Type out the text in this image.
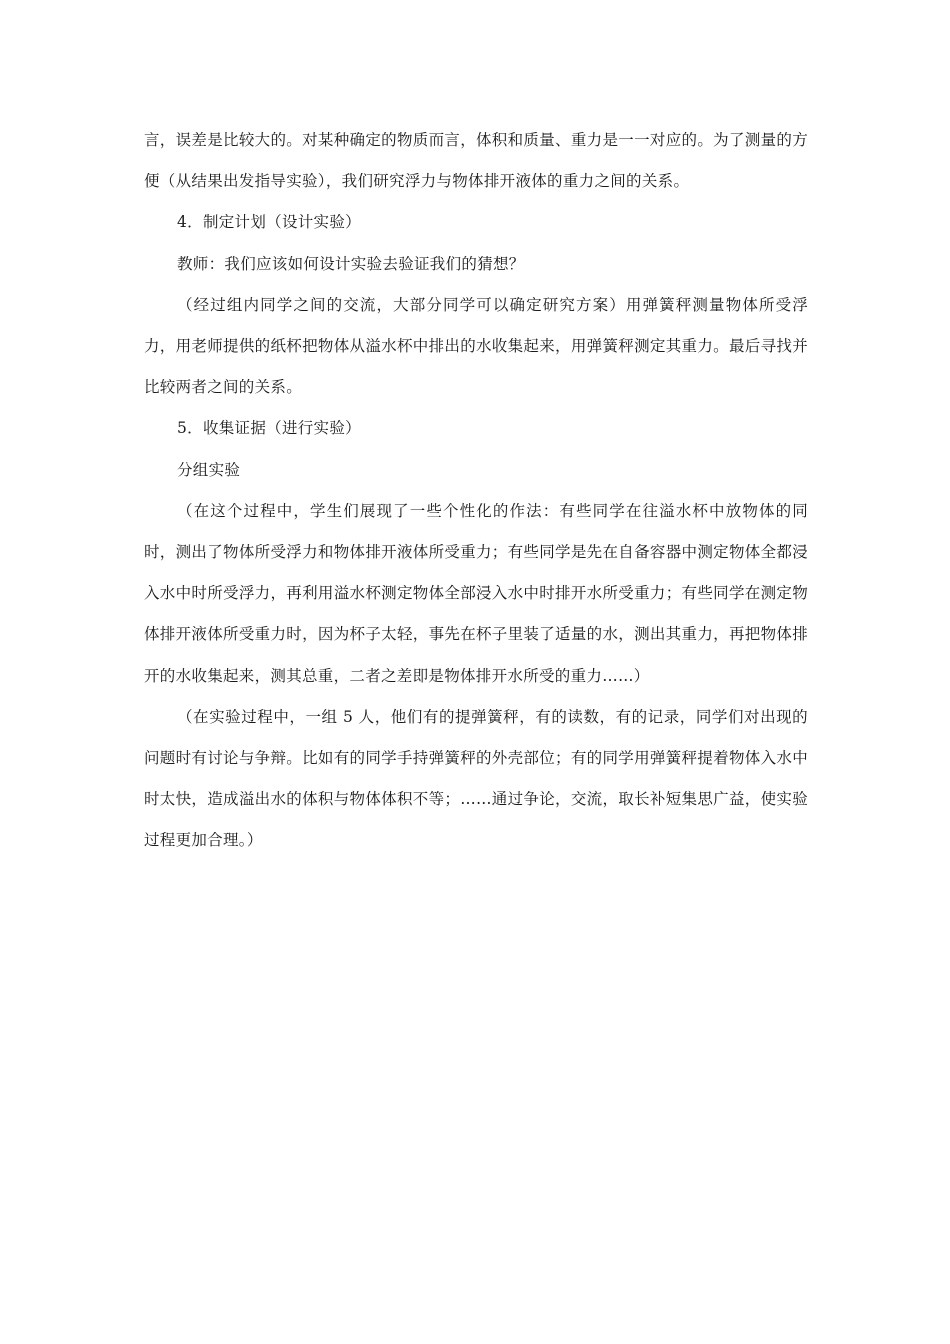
言，误差是比较大的。对某种确定的物质而言，体积和质量、重力是一一对应的。为了测量的方便（从结果出发指导实验），我们研究浮力与物体排开液体的重力之间的关系。

4．制定计划（设计实验）

教师：我们应该如何设计实验去验证我们的猜想？

（经过组内同学之间的交流，大部分同学可以确定研究方案）用弹簧秤测量物体所受浮力，用老师提供的纸杯把物体从溢水杯中排出的水收集起来，用弹簧秤测定其重力。最后寻找并比较两者之间的关系。

5．收集证据（进行实验）

分组实验

（在这个过程中，学生们展现了一些个性化的作法：有些同学在往溢水杯中放物体的同时，测出了物体所受浮力和物体排开液体所受重力；有些同学是先在自备容器中测定物体全都浸入水中时所受浮力，再利用溢水杯测定物体全部浸入水中时排开水所受重力；有些同学在测定物体排开液体所受重力时，因为杯子太轻，事先在杯子里装了适量的水，测出其重力，再把物体排开的水收集起来，测其总重，二者之差即是物体排开水所受的重力……）

（在实验过程中，一组 5 人，他们有的提弹簧秤，有的读数，有的记录，同学们对出现的问题时有讨论与争辩。比如有的同学手持弹簧秤的外壳部位；有的同学用弹簧秤提着物体入水中时太快，造成溢出水的体积与物体体积不等；……通过争论，交流，取长补短集思广益，使实验过程更加合理。）
